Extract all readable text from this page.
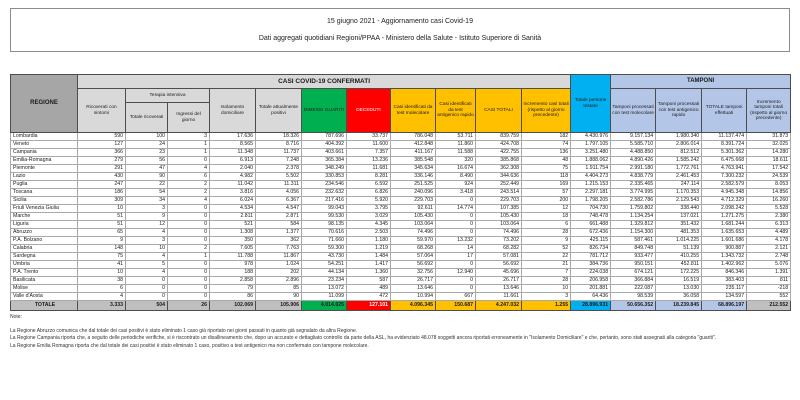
15 giugno 2021 - Aggiornamento casi Covid-19
Dati aggregati quotidiani Regioni/PPAA - Ministero della Salute - Istituto Superiore di Sanità
REGIONE	CASI COVID-19 CONFERMATI											Totale persone testate	TAMPONI			
	Ricoverati con sintomi	Terapia intensiva		Isolamento domiciliare	Totale attualmente positivi	DIMESSI GUARITI	DECEDUTI	Casi identificati da test molecolare	Casi identificati da test antigenico rapido	CASI TOTALI	Incremento casi totali (rispetto al giorno precedente)		Tamponi processati con test molecolare	Tamponi processati con test antigenico rapido	TOTALE tamponi effettuati	Incremento tamponi totali (rispetto al giorno precedente)
		Totale ricoverati	Ingressi del giorno													
Lombardia	590	100	3	17.636	18.326	787.696	33.737	786.048	53.711	839.759	182	4.430.976	9.157.134	1.980.340	11.137.474	31.873
Veneto	127	24	1	8.565	8.716	404.392	11.600	412.848	11.860	424.708	74	1.797.105	5.585.710	2.806.014	8.391.724	32.025
Campania	366	23	1	11.348	11.737	403.661	7.357	411.167	11.588	422.755	136	3.251.480	4.488.850	812.512	5.301.362	14.280
Emilia-Romagna	279	56	0	6.913	7.248	365.384	13.236	385.548	320	385.868	48	1.888.062	4.890.426	1.585.242	6.475.668	18.611
Piemonte	291	47	4	2.040	2.378	348.249	11.681	345.634	16.674	362.308	75	1.911.754	2.991.180	1.772.761	4.763.941	17.542
Lazio	430	90	6	4.982	5.502	330.853	8.281	336.146	8.490	344.636	118	4.404.273	4.838.779	2.461.453	7.300.232	24.539
Puglia	247	22	2	11.042	11.311	234.546	6.592	251.525	924	252.449	169	1.215.153	2.335.465	247.114	2.582.579	8.053
Toscana	186	54	2	3.816	4.056	232.632	6.826	240.096	3.418	243.514	57	2.297.181	3.774.995	1.170.353	4.945.348	14.856
Sicilia	309	34	4	6.024	6.367	217.416	5.920	229.703	0	229.703	200	1.798.205	2.582.786	2.129.543	4.712.329	16.260
Friuli Venezia Giulia	10	3	0	4.534	4.547	99.043	3.795	92.611	14.774	107.385	12	704.730	1.759.802	338.440	2.098.242	5.528
Marche	51	9	0	2.811	2.871	99.530	3.029	105.430	0	105.430	18	748.478	1.134.254	137.021	1.271.275	2.380
Liguria	51	12	0	521	584	98.135	4.345	103.064	0	103.064	6	661.488	1.329.812	351.432	1.681.244	6.313
Abruzzo	65	4	0	1.308	1.377	70.616	2.503	74.496	0	74.496	28	672.436	1.154.300	481.353	1.635.653	4.489
P.A. Bolzano	9	3	0	350	362	71.660	1.180	59.970	13.232	73.202	9	425.115	587.461	1.014.225	1.601.686	4.178
Calabria	148	10	2	7.605	7.763	59.300	1.219	68.268	14	68.282	52	826.734	849.748	51.139	900.887	2.121
Sardegna	75	4	1	11.788	11.867	43.730	1.484	57.064	17	57.081	22	781.712	933.477	410.255	1.343.732	2.748
Umbria	41	5	0	978	1.024	54.251	1.417	56.692	0	56.692	21	384.736	950.151	452.811	1.402.962	5.076
P.A. Trento	10	4	0	188	202	44.134	1.360	32.756	12.940	45.696	7	224.038	674.121	172.225	846.346	1.391
Basilicata	38	0	0	2.858	2.896	23.234	587	26.717	0	26.717	28	206.958	366.884	16.519	383.403	811
Molise	6	0	0	79	85	13.072	489	13.646	0	13.646	10	201.881	222.087	13.030	235.117	-218
Valle d'Aosta	4	0	0	86	90	11.099	472	10.994	667	11.661	3	64.436	98.539	36.058	134.597	552
TOTALE	3.333	504	26	102.069	105.906	4.014.025	127.101	4.096.345	150.687	4.247.032	1.255	28.896.931	50.656.352	18.239.845	68.896.197	212.552
Note:
La Regione Abruzzo comunica che dal totale dei casi positivi è stato eliminato 1 caso già riportato nei giorni passati in quanto già segnalato da altra Regione.
La Regione Campania riporta che, a seguito delle periodiche verifiche, si è riscontrato un disallineamento che, dopo un accurato e dettagliato controllo da parte della ASL, ha evidenziato 48.078 soggetti ancora riportati erroneamente in "Isolamento Domiciliare" e che, pertanto, sono stati assegnati alla categoria "guariti".
La Regione Emilia Romagna riporta che dal totale dei casi positivi è stato eliminato 1 caso, positivo a test antigenico ma non confermato con tampone molecolare.
